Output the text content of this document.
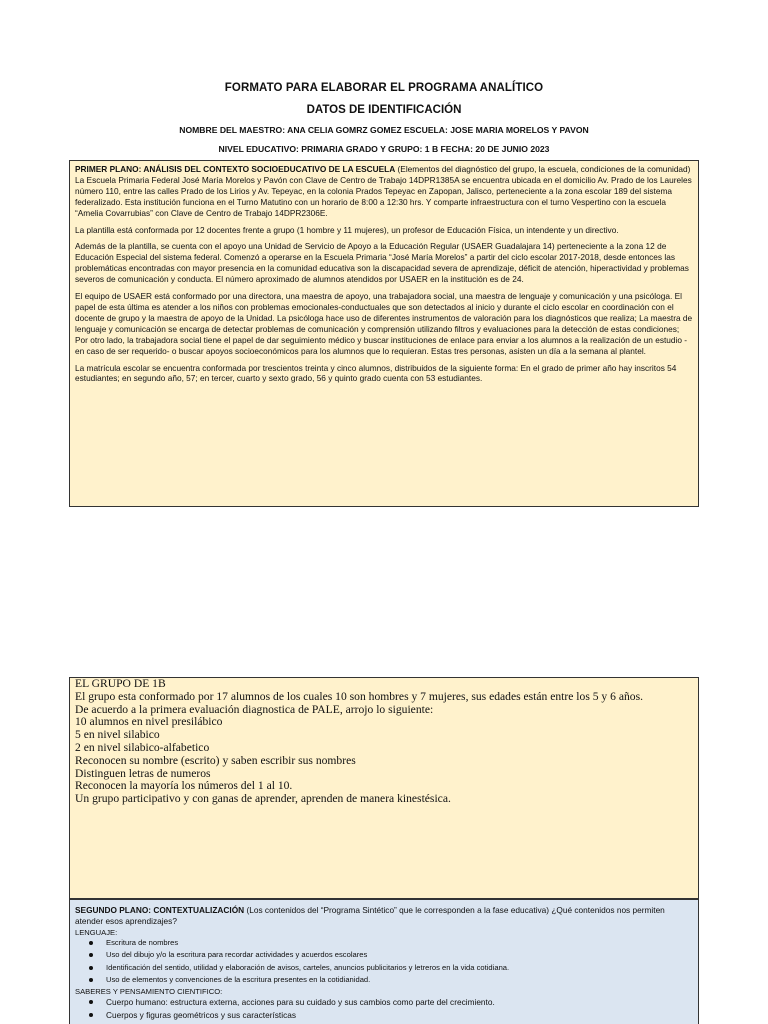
FORMATO PARA ELABORAR EL PROGRAMA ANALÍTICO
DATOS DE IDENTIFICACIÓN
NOMBRE DEL MAESTRO: ANA CELIA GOMRZ GOMEZ ESCUELA: JOSE MARIA MORELOS Y PAVON
NIVEL EDUCATIVO: PRIMARIA GRADO Y GRUPO: 1 B FECHA: 20 DE JUNIO 2023

PRIMER PLANO: ANÁLISIS DEL CONTEXTO SOCIOEDUCATIVO DE LA ESCUELA (Elementos del diagnóstico del grupo, la escuela, condiciones de la comunidad)

La Escuela Primaria Federal José María Morelos y Pavón con Clave de Centro de Trabajo 14DPR1385A se encuentra ubicada en el domicilio Av. Prado de los Laureles número 110, entre las calles Prado de los Lirios y Av. Tepeyac, en la colonia Prados Tepeyac en Zapopan, Jalisco, perteneciente a la zona escolar 189 del sistema federalizado. Esta institución funciona en el Turno Matutino con un horario de 8:00 a 12:30 hrs. Y comparte infraestructura con el turno Vespertino con la escuela “Amelia Covarrubias” con Clave de Centro de Trabajo 14DPR2306E.

La plantilla está conformada por 12 docentes frente a grupo (1 hombre y 11 mujeres), un profesor de Educación Física, un intendente y un directivo.

Además de la plantilla, se cuenta con el apoyo una Unidad de Servicio de Apoyo a la Educación Regular (USAER Guadalajara 14) perteneciente a la zona 12 de Educación Especial del sistema federal. Comenzó a operarse en la Escuela Primaria “José María Morelos” a partir del ciclo escolar 2017-2018, desde entonces las problemáticas encontradas con mayor presencia en la comunidad educativa son la discapacidad severa de aprendizaje, déficit de atención, hiperactividad y problemas severos de comunicación y conducta. El número aproximado de alumnos atendidos por USAER en la institución es de 24.

El equipo de USAER está conformado por una directora, una maestra de apoyo, una trabajadora social, una maestra de lenguaje y comunicación y una psicóloga. El papel de esta última es atender a los niños con problemas emocionales-conductuales que son detectados al inicio y durante el ciclo escolar en coordinación con el docente de grupo y la maestra de apoyo de la Unidad. La psicóloga hace uso de diferentes instrumentos de valoración para los diagnósticos que realiza; La maestra de lenguaje y comunicación se encarga de detectar problemas de comunicación y comprensión utilizando filtros y evaluaciones para la detección de estas condiciones; Por otro lado, la trabajadora social tiene el papel de dar seguimiento médico y buscar instituciones de enlace para enviar a los alumnos a la realización de un estudio -en caso de ser requerido- o buscar apoyos socioeconómicos para los alumnos que lo requieran. Estas tres personas, asisten un día a la semana al plantel.

La matrícula escolar se encuentra conformada por trescientos treinta y cinco alumnos, distribuidos de la siguiente forma: En el grado de primer año hay inscritos 54 estudiantes; en segundo año, 57; en tercer, cuarto y sexto grado, 56 y quinto grado cuenta con 53 estudiantes.

EL GRUPO DE 1B
El grupo esta conformado por 17 alumnos de los cuales 10 son hombres y 7 mujeres, sus edades están entre los 5 y 6 años.
De acuerdo a la primera evaluación diagnostica de PALE, arrojo lo siguiente:
10 alumnos en nivel presilábico
5 en nivel silabico
2 en nivel silabico-alfabetico
Reconocen su nombre (escrito) y saben escribir sus nombres
Distinguen letras de numeros
Reconocen la mayoría los números del 1 al 10.
Un grupo participativo y con ganas de aprender, aprenden de manera kinestésica.
SEGUNDO PLANO: CONTEXTUALIZACIÓN (Los contenidos del “Programa Sintético” que le corresponden a la fase educativa) ¿Qué contenidos nos permiten atender esos aprendizajes?
LENGUAJE:
Escritura de nombres
Uso del dibujo y/o la escritura para recordar actividades y acuerdos escolares
Identificación del sentido, utilidad y elaboración de avisos, carteles, anuncios publicitarios y letreros en la vida cotidiana.
Uso de elementos y convenciones de la escritura presentes en la cotidianidad.
SABERES Y PENSAMIENTO CIENTIFICO:
Cuerpo humano: estructura externa, acciones para su cuidado y sus cambios como parte del crecimiento.
Cuerpos y figuras geométricos y sus características
